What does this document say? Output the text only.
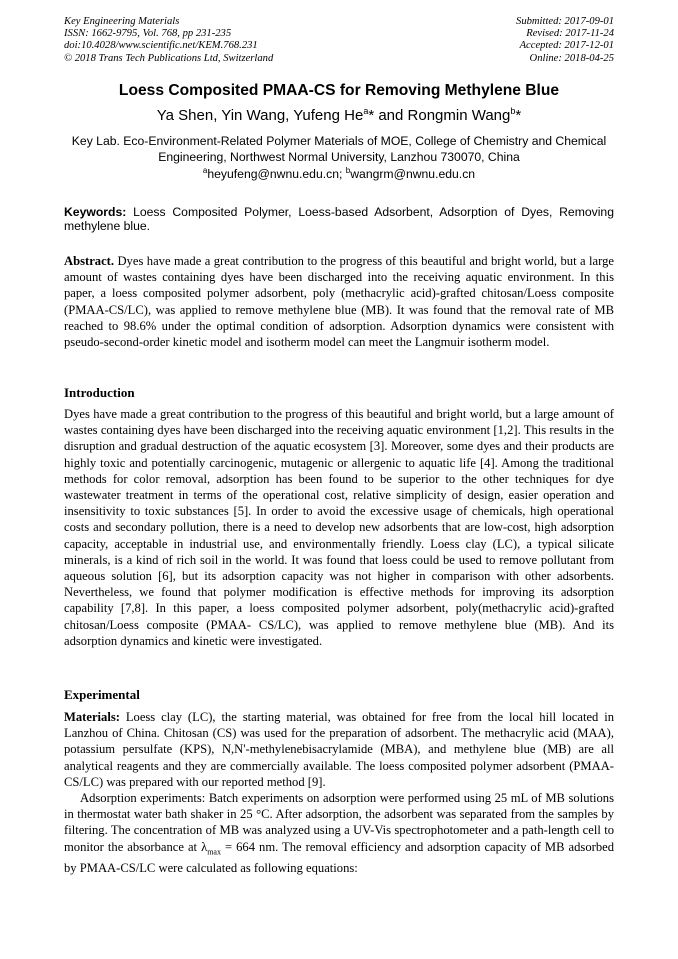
Key Engineering Materials
ISSN: 1662-9795, Vol. 768, pp 231-235
doi:10.4028/www.scientific.net/KEM.768.231
© 2018 Trans Tech Publications Ltd, Switzerland
Submitted: 2017-09-01
Revised: 2017-11-24
Accepted: 2017-12-01
Online: 2018-04-25
Loess Composited PMAA-CS for Removing Methylene Blue
Ya Shen, Yin Wang, Yufeng He$^a$* and Rongmin Wang$^b$*
Key Lab. Eco-Environment-Related Polymer Materials of MOE, College of Chemistry and Chemical Engineering, Northwest Normal University, Lanzhou 730070, China
$^a$heyufeng@nwnu.edu.cn; $^b$wangrm@nwnu.edu.cn
Keywords: Loess Composited Polymer, Loess-based Adsorbent, Adsorption of Dyes, Removing methylene blue.

Abstract. Dyes have made a great contribution to the progress of this beautiful and bright world, but a large amount of wastes containing dyes have been discharged into the receiving aquatic environment. In this paper, a loess composited polymer adsorbent, poly (methacrylic acid)-grafted chitosan/Loess composite (PMAA-CS/LC), was applied to remove methylene blue (MB). It was found that the removal rate of MB reached to 98.6% under the optimal condition of adsorption. Adsorption dynamics were consistent with pseudo-second-order kinetic model and isotherm model can meet the Langmuir isotherm model.

Introduction

Dyes have made a great contribution to the progress of this beautiful and bright world, but a large amount of wastes containing dyes have been discharged into the receiving aquatic environment [1,2]. This results in the disruption and gradual destruction of the aquatic ecosystem [3]. Moreover, some dyes and their products are highly toxic and potentially carcinogenic, mutagenic or allergenic to aquatic life [4]. Among the traditional methods for color removal, adsorption has been found to be superior to the other techniques for dye wastewater treatment in terms of the operational cost, relative simplicity of design, easier operation and insensitivity to toxic substances [5]. In order to avoid the excessive usage of chemicals, high operational costs and secondary pollution, there is a need to develop new adsorbents that are low-cost, high adsorption capacity, acceptable in industrial use, and environmentally friendly. Loess clay (LC), a typical silicate minerals, is a kind of rich soil in the world. It was found that loess could be used to remove pollutant from aqueous solution [6], but its adsorption capacity was not higher in comparison with other adsorbents. Nevertheless, we found that polymer modification is effective methods for improving its adsorption capability [7,8]. In this paper, a loess composited polymer adsorbent, poly(methacrylic acid)-grafted chitosan/Loess composite (PMAA- CS/LC), was applied to remove methylene blue (MB). And its adsorption dynamics and kinetic were investigated.

Experimental

Materials: Loess clay (LC), the starting material, was obtained for free from the local hill located in Lanzhou of China. Chitosan (CS) was used for the preparation of adsorbent. The methacrylic acid (MAA), potassium persulfate (KPS), N,N'-methylenebisacrylamide (MBA), and methylene blue (MB) are all analytical reagents and they are commercially available. The loess composited polymer adsorbent (PMAA-CS/LC) was prepared with our reported method [9].

Adsorption experiments: Batch experiments on adsorption were performed using 25 mL of MB solutions in thermostat water bath shaker in 25 °C. After adsorption, the adsorbent was separated from the samples by filtering. The concentration of MB was analyzed using a UV-Vis spectrophotometer and a path-length cell to monitor the absorbance at $\lambda_{max} = 664$ nm. The removal efficiency and adsorption capacity of MB adsorbed by PMAA-CS/LC were calculated as following equations:
